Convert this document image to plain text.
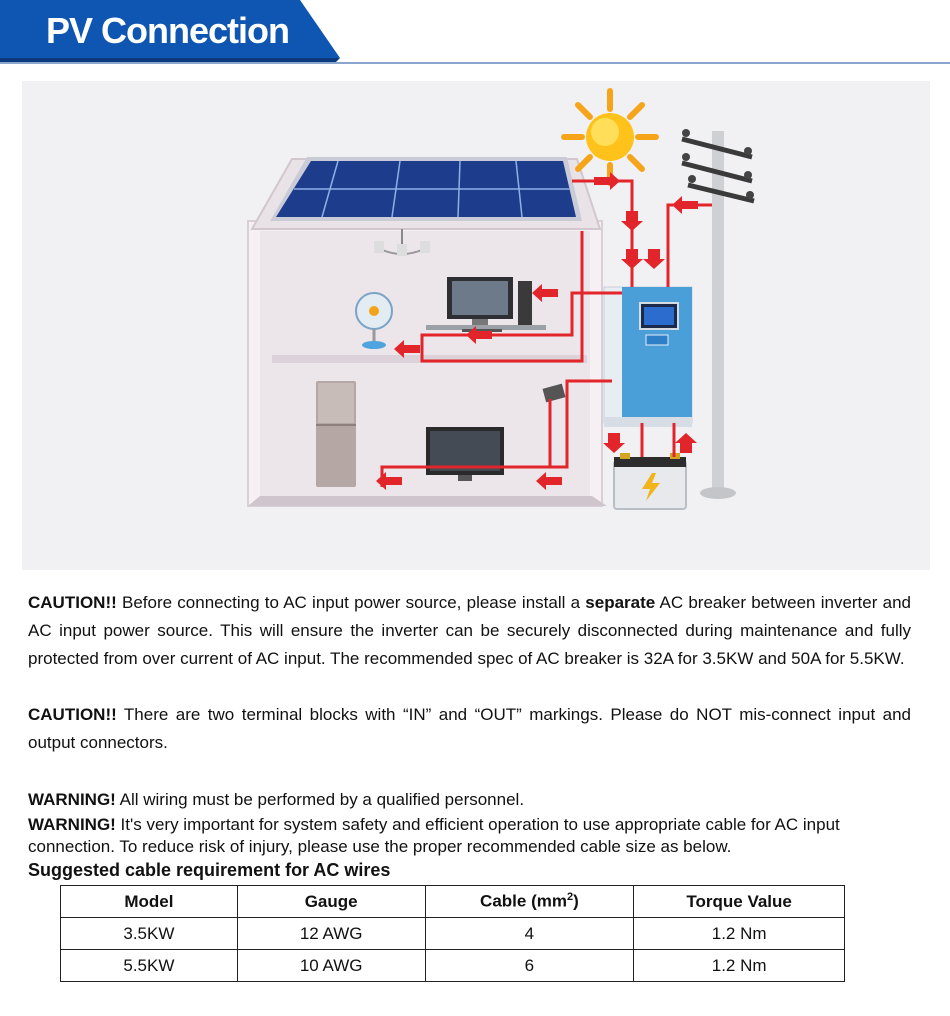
PV Connection
CAUTION!! Before connecting to AC input power source, please install a separate AC breaker between inverter and AC input power source. This will ensure the inverter can be securely disconnected during maintenance and fully protected from over current of AC input. The recommended spec of AC breaker is 32A for 3.5KW and 50A for 5.5KW.
CAUTION!! There are two terminal blocks with “IN” and “OUT” markings. Please do NOT mis-connect input and output connectors.
WARNING! All wiring must be performed by a qualified personnel.
WARNING! It's very important for system safety and efficient operation to use appropriate cable for AC input connection. To reduce risk of injury, please use the proper recommended cable size as below.
Suggested cable requirement for AC wires
Model	Gauge	Cable $(mm^2)$	Torque Value
3.5KW	12 AWG	4	1.2 Nm
5.5KW	10 AWG	6	1.2 Nm
